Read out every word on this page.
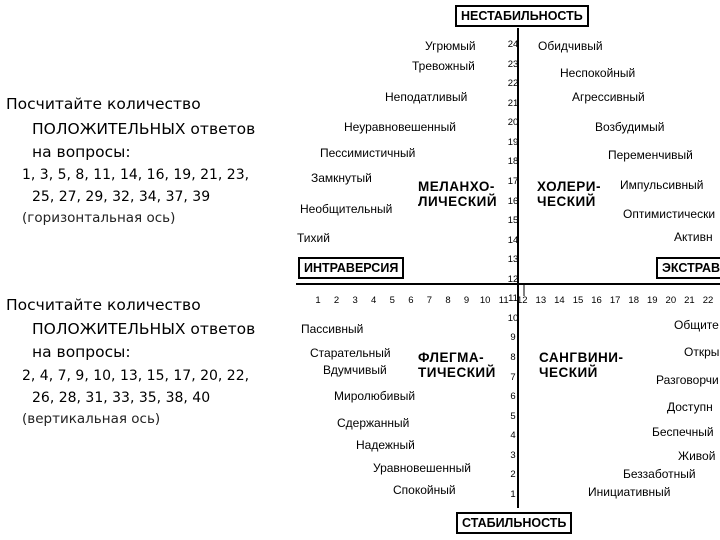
Посчитайте количество
ПОЛОЖИТЕЛЬНЫХ ответов
на вопросы:
1, 3, 5, 8, 11, 14, 16, 19, 21, 23,
25, 27, 29, 32, 34, 37, 39
(горизонтальная ось)
Посчитайте количество
ПОЛОЖИТЕЛЬНЫХ ответов
на вопросы:
2, 4, 7, 9, 10, 13, 15, 17, 20, 22,
26, 28, 31, 33, 35, 38, 40
(вертикальная ось)
НЕСТАБИЛЬНОСТЬ
СТАБИЛЬНОСТЬ
ИНТРАВЕРСИЯ	ЭКСТРАВ
МЕЛАНХО-
ЛИЧЕСКИЙ
ХОЛЕРИ-
ЧЕСКИЙ
ФЛЕГМА-
ТИЧЕСКИЙ
САНГВИНИ-
ЧЕСКИЙ
Угрюмый
Тревожный
Неподатливый
Неуравновешенный
Пессимистичный
Замкнутый
Необщительный
Тихий
Обидчивый
Неспокойный
Агрессивный
Возбудимый
Переменчивый
Импульсивный
Оптимистически
Активн
Пассивный
Старательный
Вдумчивый
Миролюбивый
Сдержанный
Надежный
Уравновешенный
Спокойный
Общите
Откры
Разговорчи
Доступн
Беспечный
Живой
Беззаботный
Инициативный
24
23
22
21
20
19
18
17
16
15
14
13
12
11
10
9
8
7
6
5
4
3
2
1
1	2	3	4	5	6	7	8	9	10 11 12 13 14 15 16 17 18 19 20 21 22
